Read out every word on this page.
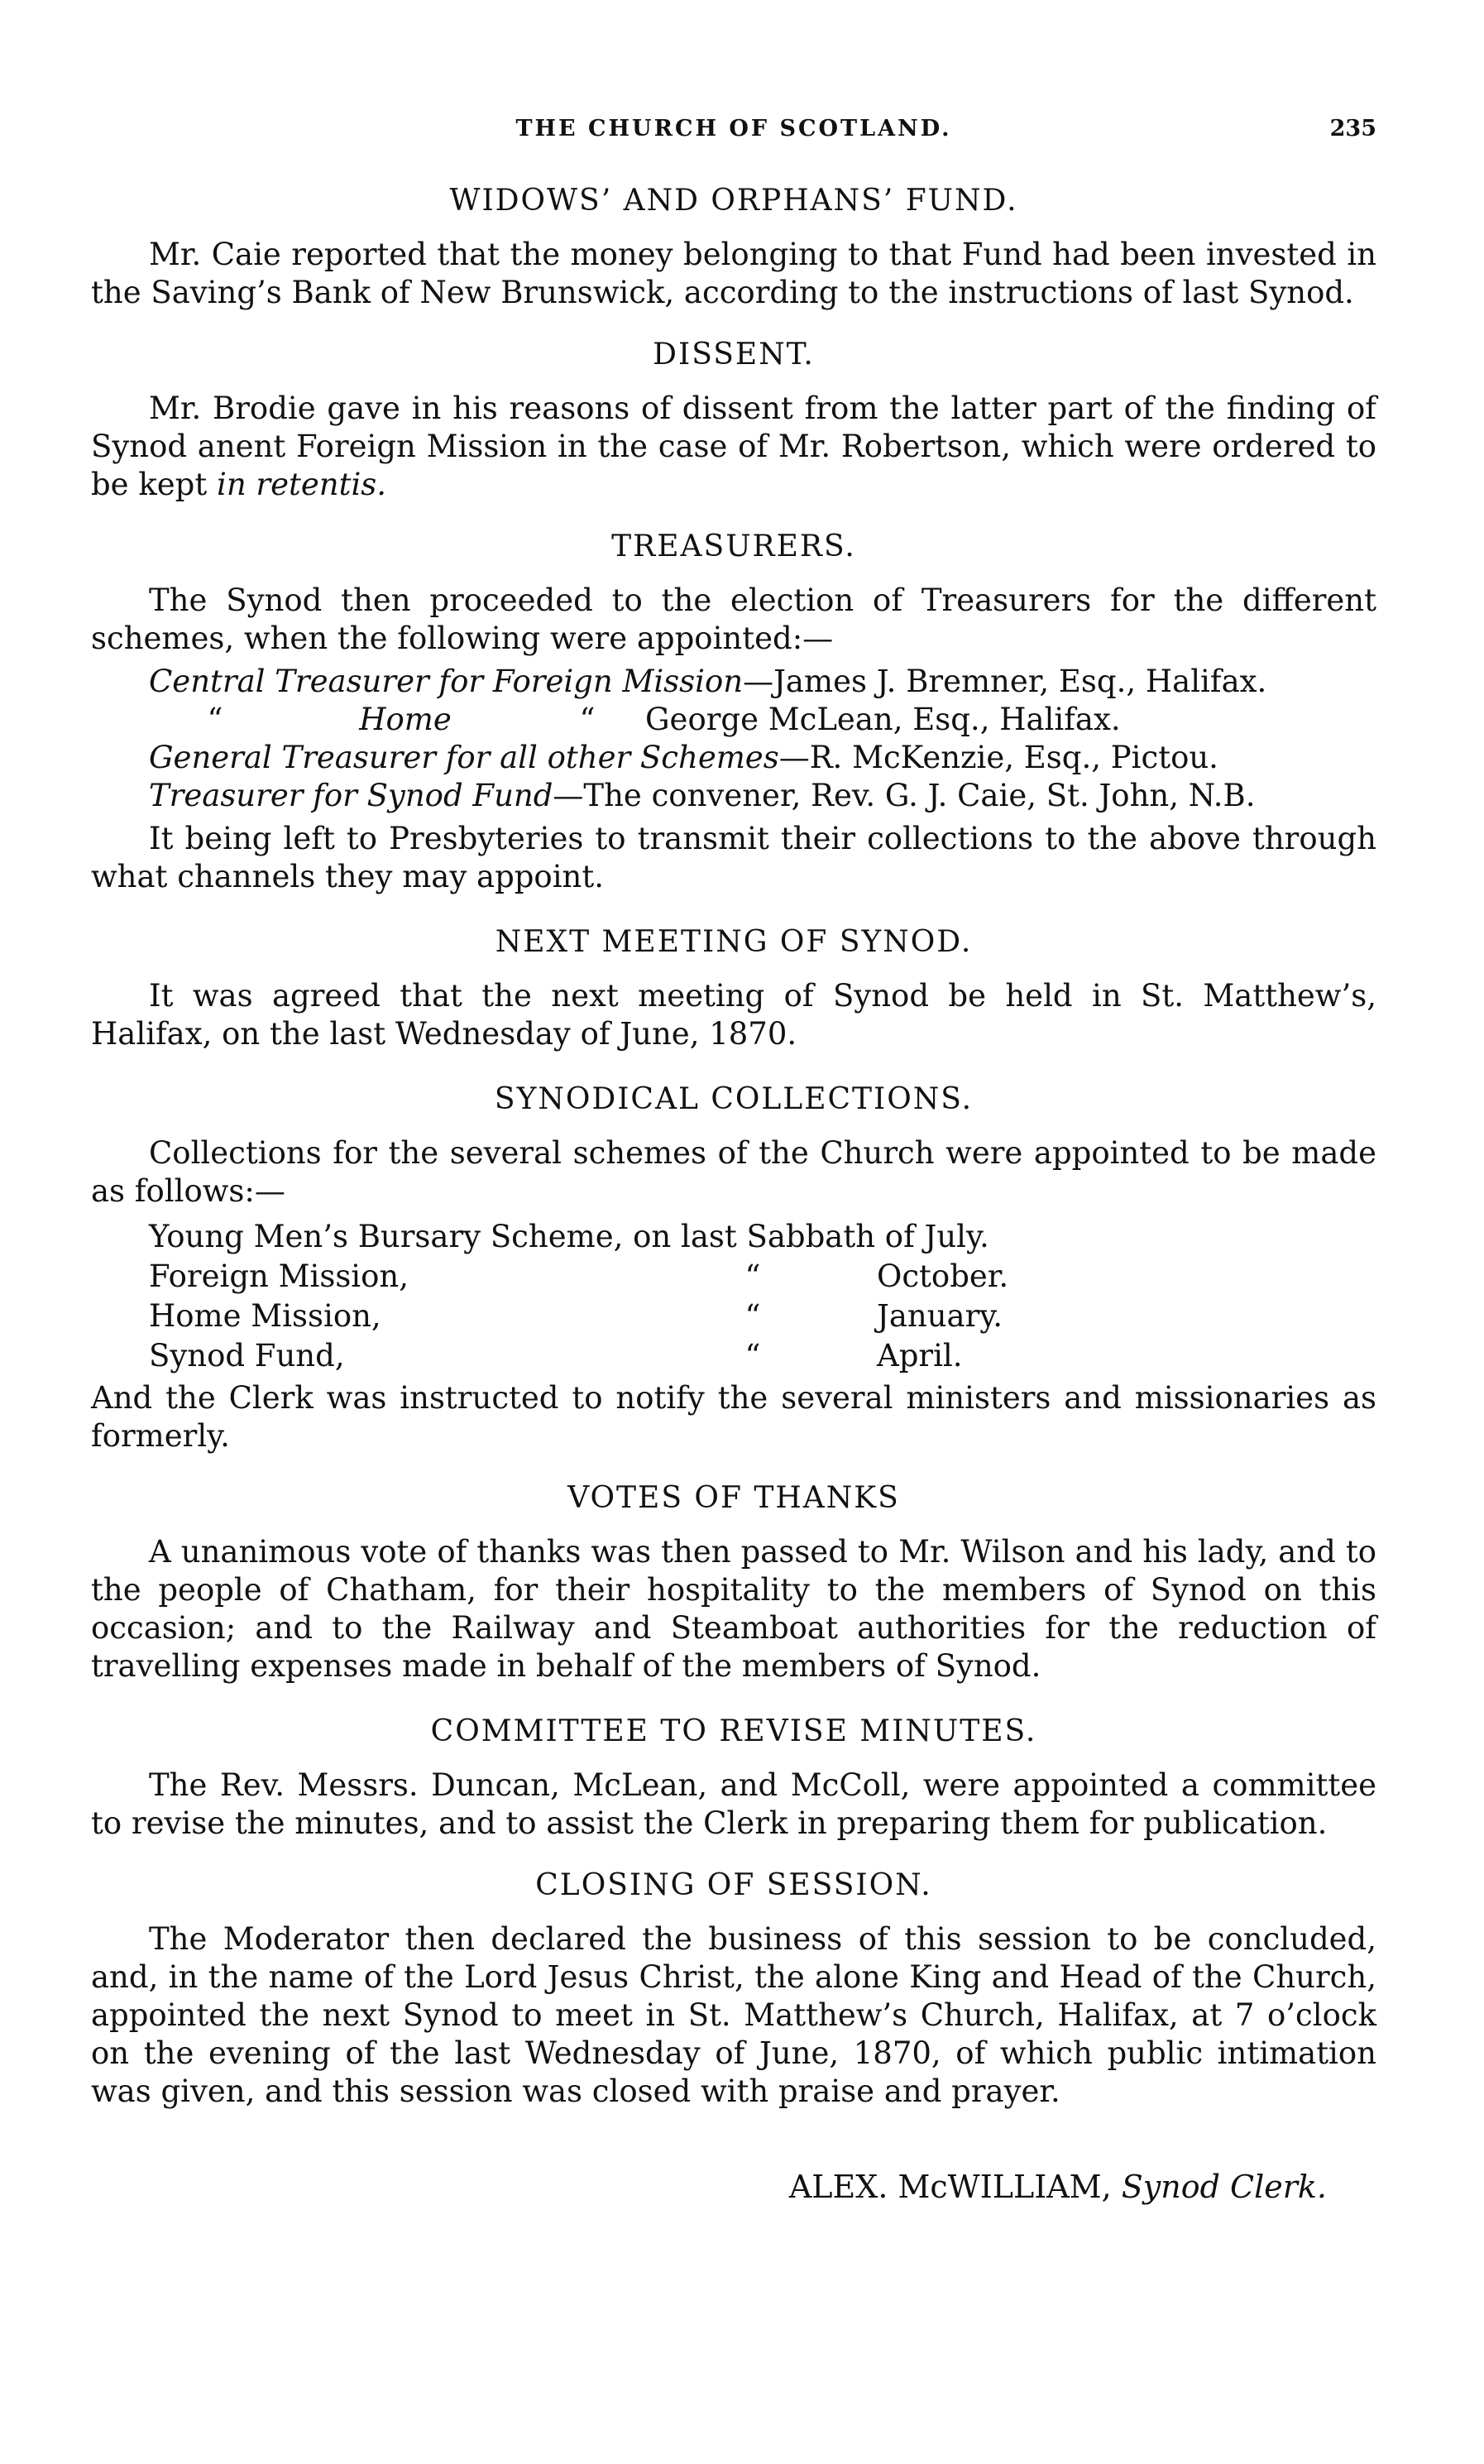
THE CHURCH OF SCOTLAND.	235
WIDOWS’ AND ORPHANS’ FUND.

Mr. Caie reported that the money belonging to that Fund had been invested in the Saving’s Bank of New Brunswick, according to the instructions of last Synod.

DISSENT.

Mr. Brodie gave in his reasons of dissent from the latter part of the finding of Synod anent Foreign Mission in the case of Mr. Robertson, which were ordered to be kept in retentis.

TREASURERS.

The Synod then proceeded to the election of Treasurers for the different schemes, when the following were appointed:—

Central Treasurer for Foreign Mission —James J. Bremner, Esq., Halifax.
“	Home	“	George McLean, Esq., Halifax.
General Treasurer for all other Schemes —R. McKenzie, Esq., Pictou.
Treasurer for Synod Fund —The convener, Rev. G. J. Caie, St. John, N.B.

It being left to Presbyteries to transmit their collections to the above through what channels they may appoint.

NEXT MEETING OF SYNOD.

It was agreed that the next meeting of Synod be held in St. Matthew’s, Halifax, on the last Wednesday of June, 1870.

SYNODICAL COLLECTIONS.

Collections for the several schemes of the Church were appointed to be made as follows:—

Young Men’s Bursary Scheme, on last Sabbath of July.
Foreign Mission,	“	October.
Home Mission,	“	January.
Synod Fund,	“	April.

And the Clerk was instructed to notify the several ministers and missionaries as formerly.

VOTES OF THANKS

A unanimous vote of thanks was then passed to Mr. Wilson and his lady, and to the people of Chatham, for their hospitality to the members of Synod on this occasion; and to the Railway and Steamboat authorities for the reduction of travelling expenses made in behalf of the members of Synod.

COMMITTEE TO REVISE MINUTES.

The Rev. Messrs. Duncan, McLean, and McColl, were appointed a committee to revise the minutes, and to assist the Clerk in preparing them for publication.

CLOSING OF SESSION.

The Moderator then declared the business of this session to be concluded, and, in the name of the Lord Jesus Christ, the alone King and Head of the Church, appointed the next Synod to meet in St. Matthew’s Church, Halifax, at 7 o’clock on the evening of the last Wednesday of June, 1870, of which public intimation was given, and this session was closed with praise and prayer.

ALEX. McWILLIAM, Synod Clerk.
